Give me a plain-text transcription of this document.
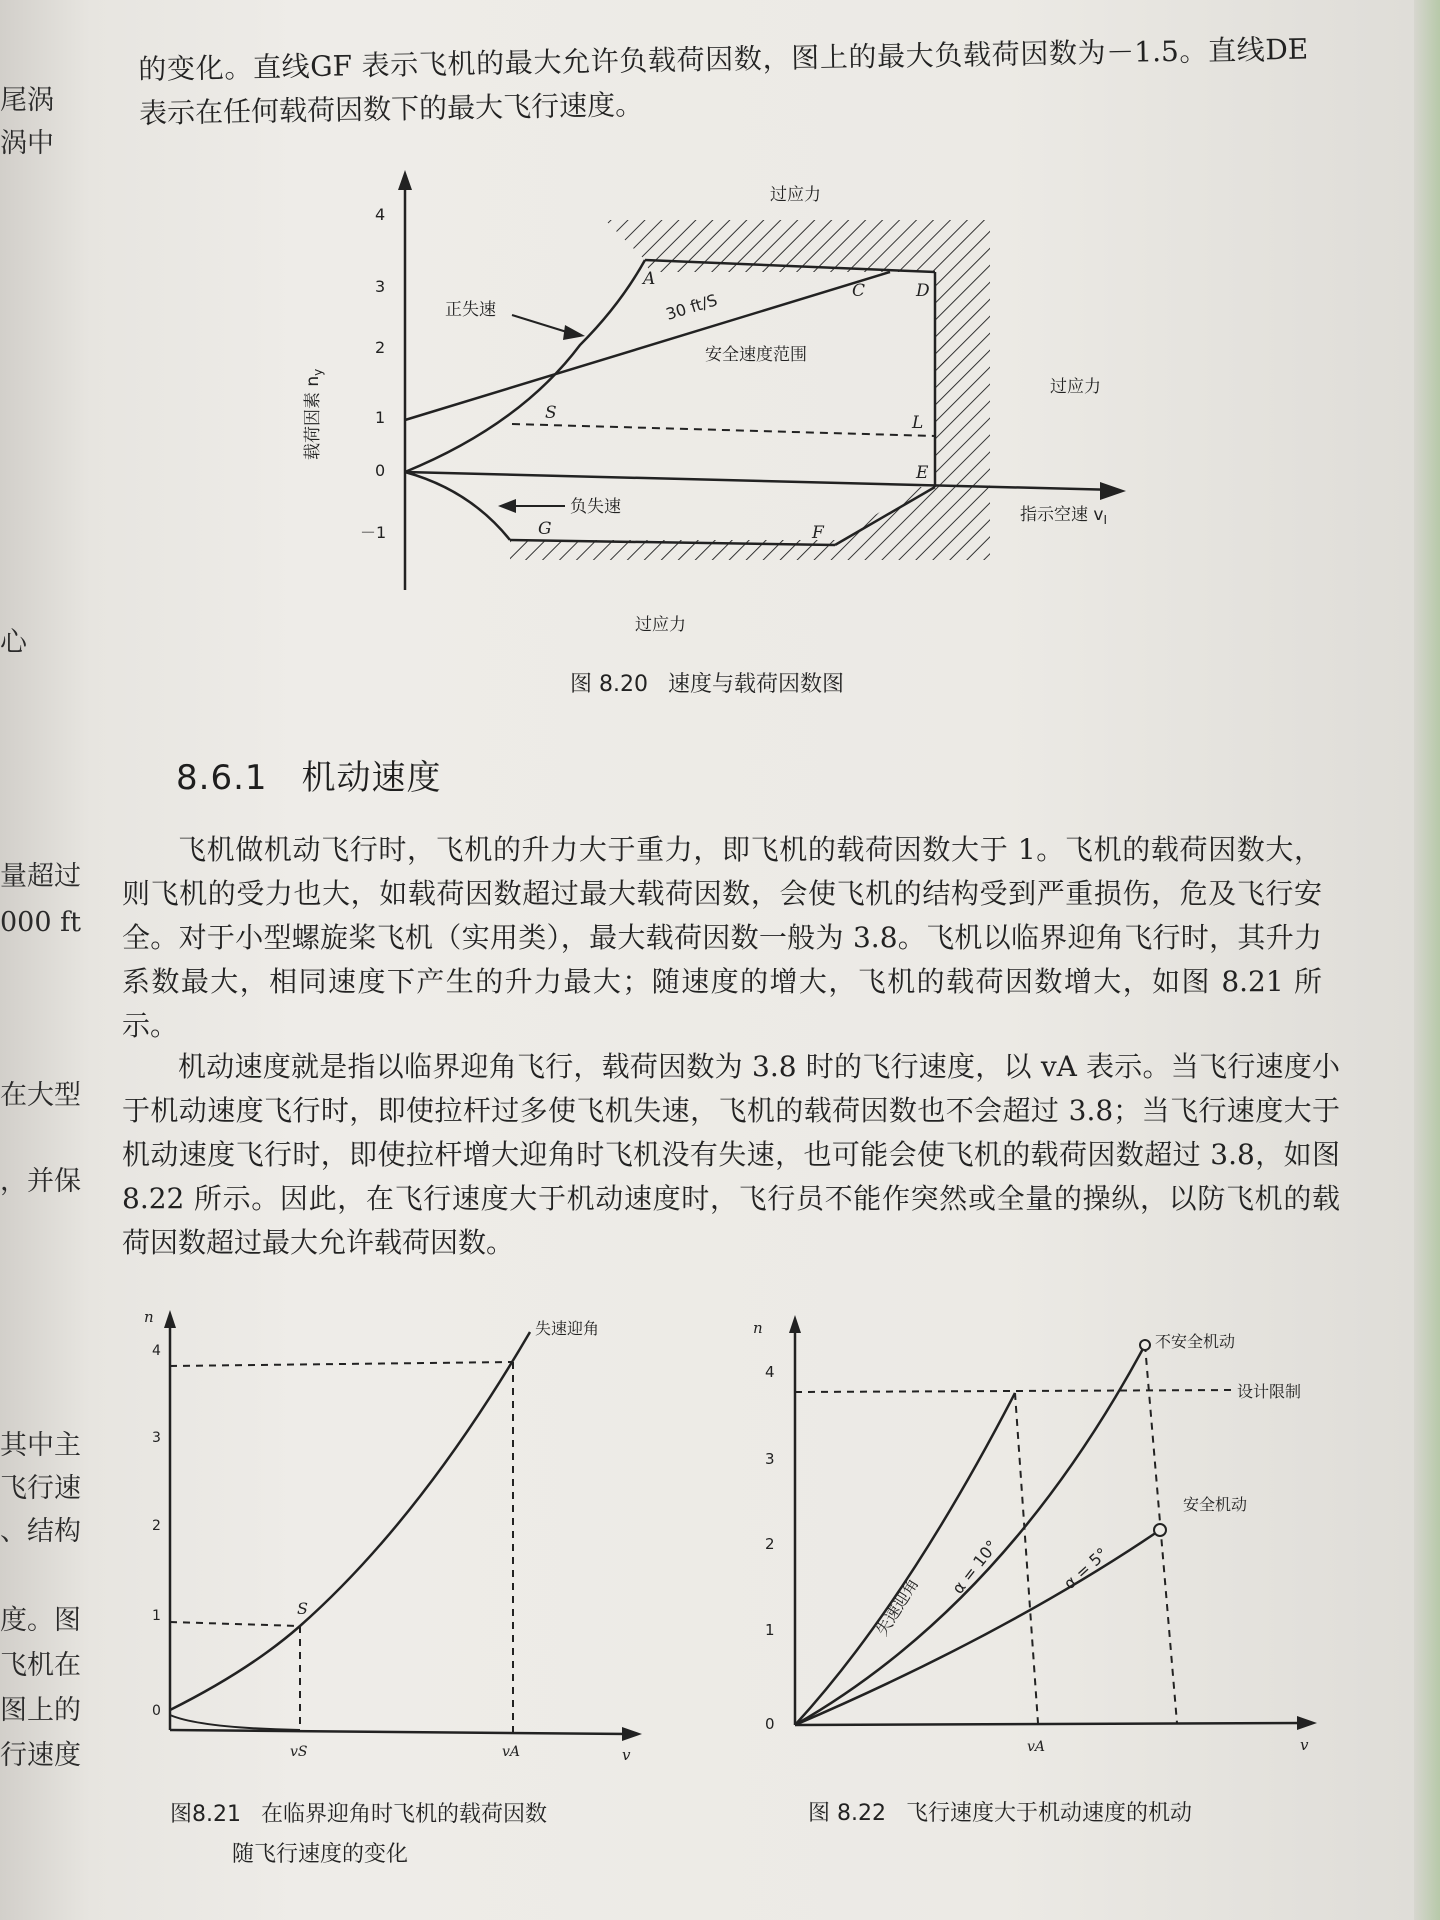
尾涡
涡中
心
量超过
000 ft
在大型
，并保
其中主
飞行速
、结构
度。图
飞机在
图上的
行速度
的变化。直线GF 表示飞机的最大允许负载荷因数，图上的最大负载荷因数为－1.5。直线DE表示在任何载荷因数下的最大飞行速度。
4
3
2
1
0
－1
载荷因素 $n_y$
指示空速 $v_I$
A
C	D
L
E
S
G	F
过应力
过应力
过应力
安全速度范围
30 ft/S
正失速
负失速
图 8.20 速度与载荷因数图
8.6.1 机动速度
飞机做机动飞行时，飞机的升力大于重力，即飞机的载荷因数大于 1。飞机的载荷因数大，则飞机的受力也大，如载荷因数超过最大载荷因数，会使飞机的结构受到严重损伤，危及飞行安全。对于小型螺旋桨飞机（实用类），最大载荷因数一般为 3.8。飞机以临界迎角飞行时，其升力系数最大，相同速度下产生的升力最大；随速度的增大，飞机的载荷因数增大，如图 8.21 所示。
机动速度就是指以临界迎角飞行，载荷因数为 3.8 时的飞行速度，以 vA 表示。当飞行速度小于机动速度飞行时，即使拉杆过多使飞机失速，飞机的载荷因数也不会超过 3.8；当飞行速度大于机动速度飞行时，即使拉杆增大迎角时飞机没有失速，也可能会使飞机的载荷因数超过 3.8，如图 8.22 所示。因此，在飞行速度大于机动速度时，飞行员不能作突然或全量的操纵，以防飞机的载荷因数超过最大允许载荷因数。
n
v
4
3
2
1
0
失速迎角
S
vS	vA
图8.21 在临界迎角时飞机的载荷因数
随飞行速度的变化
n
v
4
3
2
1
0
设计限制
不安全机动
安全机动
失速迎角
α = 10°	α = 5°
vA
图 8.22 飞行速度大于机动速度的机动
